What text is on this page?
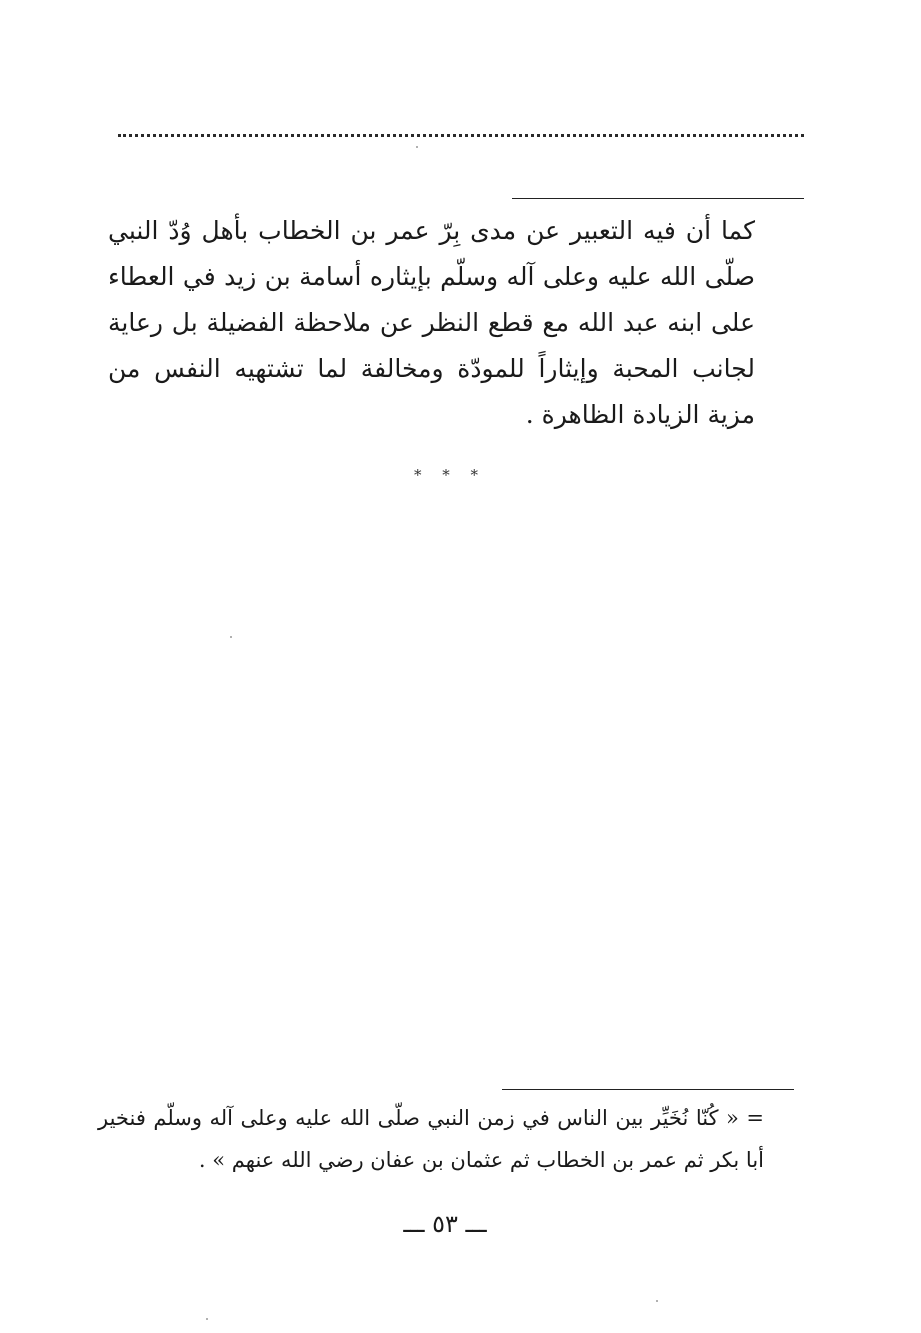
كما أن فيه التعبير عن مدى بِرّ عمر بن الخطاب بأهل وُدّ النبي صلّى الله عليه وعلى آله وسلّم بإيثاره أسامة بن زيد في العطاء على ابنه عبد الله مع قطع النظر عن ملاحظة الفضيلة بل رعاية لجانب المحبة وإيثاراً للمودّة ومخالفة لما تشتهيه النفس من مزية الزيادة الظاهرة .

* * *

= « كُنّا نُخَيِّر بين الناس في زمن النبي صلّى الله عليه وعلى آله وسلّم فنخير أبا بكر ثم عمر بن الخطاب ثم عثمان بن عفان رضي الله عنهم » .

ـــ ٥٣ ـــ
